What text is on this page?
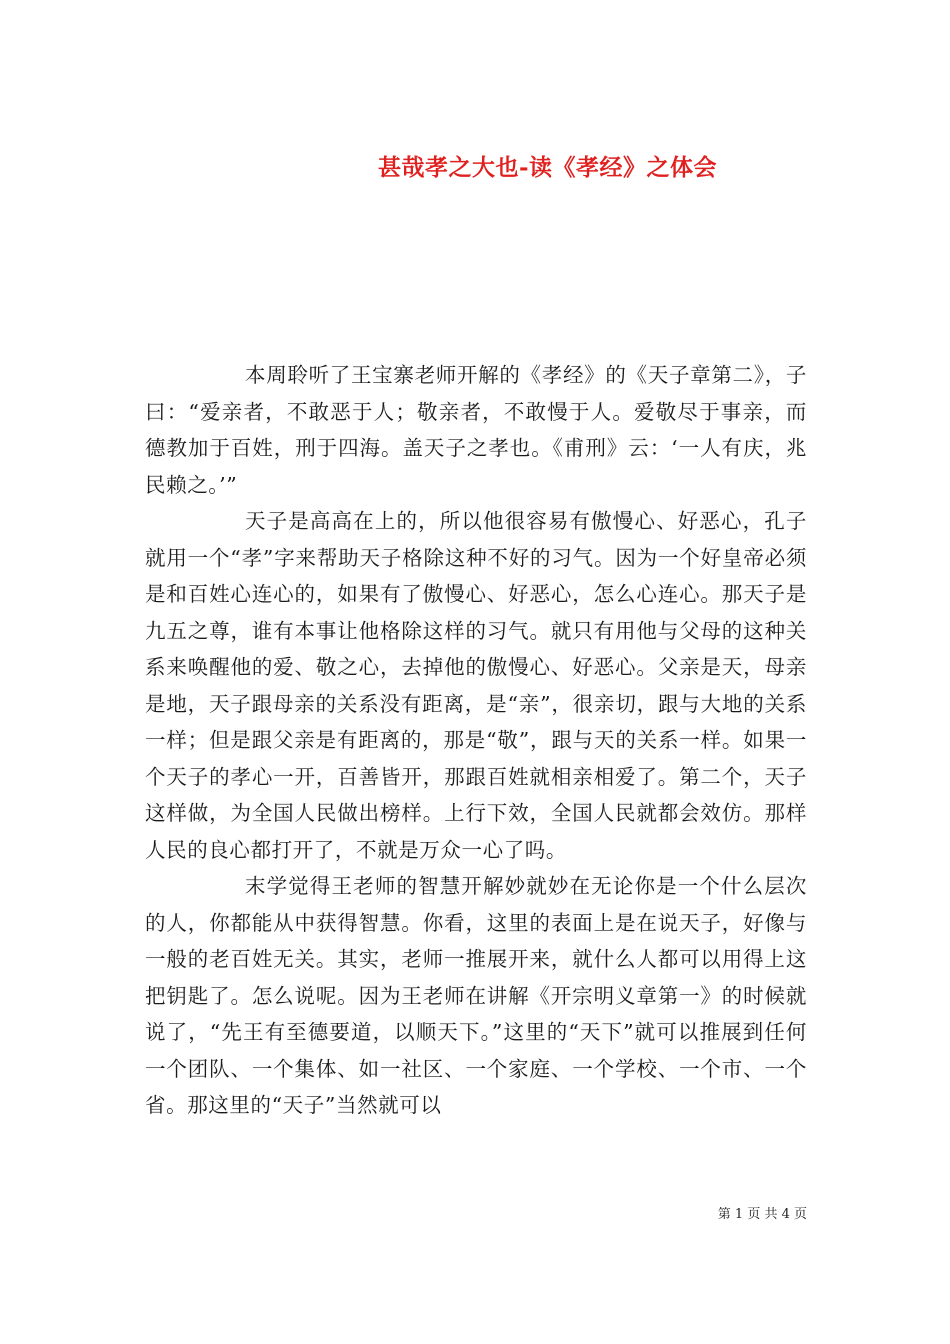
甚哉孝之大也-读《孝经》之体会

本周聆听了王宝寨老师开解的《孝经》的《天子章第二》，子曰：“爱亲者，不敢恶于人；敬亲者，不敢慢于人。爱敬尽于事亲，而德教加于百姓，刑于四海。盖天子之孝也。《甫刑》云：‘一人有庆，兆民赖之。’”

天子是高高在上的，所以他很容易有傲慢心、好恶心，孔子就用一个“孝”字来帮助天子格除这种不好的习气。因为一个好皇帝必须是和百姓心连心的，如果有了傲慢心、好恶心，怎么心连心。那天子是九五之尊，谁有本事让他格除这样的习气。就只有用他与父母的这种关系来唤醒他的爱、敬之心，去掉他的傲慢心、好恶心。父亲是天，母亲是地，天子跟母亲的关系没有距离，是“亲”，很亲切，跟与大地的关系一样；但是跟父亲是有距离的，那是“敬”，跟与天的关系一样。如果一个天子的孝心一开，百善皆开，那跟百姓就相亲相爱了。第二个，天子这样做，为全国人民做出榜样。上行下效，全国人民就都会效仿。那样人民的良心都打开了，不就是万众一心了吗。

末学觉得王老师的智慧开解妙就妙在无论你是一个什么层次的人，你都能从中获得智慧。你看，这里的表面上是在说天子，好像与一般的老百姓无关。其实，老师一推展开来，就什么人都可以用得上这把钥匙了。怎么说呢。因为王老师在讲解《开宗明义章第一》的时候就说了，“先王有至德要道，以顺天下。”这里的“天下”就可以推展到任何一个团队、一个集体、如一社区、一个家庭、一个学校、一个市、一个省。那这里的“天子”当然就可以

第 1 页 共 4 页
